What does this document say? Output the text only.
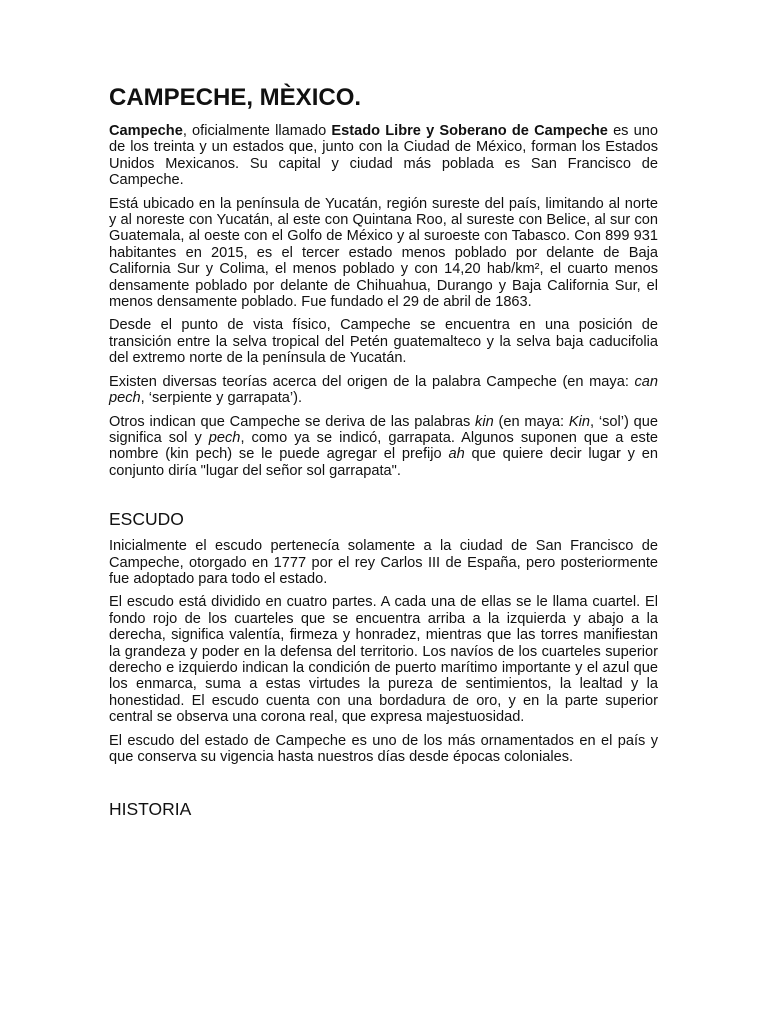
CAMPECHE, MÈXICO.

Campeche, oficialmente llamado Estado Libre y Soberano de Campeche es uno de los treinta y un estados que, junto con la Ciudad de México, forman los Estados Unidos Mexicanos. Su capital y ciudad más poblada es San Francisco de Campeche.

Está ubicado en la península de Yucatán, región sureste del país, limitando al norte y al noreste con Yucatán, al este con Quintana Roo, al sureste con Belice, al sur con Guatemala, al oeste con el Golfo de México y al suroeste con Tabasco. Con 899 931 habitantes en 2015, es el tercer estado menos poblado por delante de Baja California Sur y Colima, el menos poblado y con 14,20 hab/km², el cuarto menos densamente poblado por delante de Chihuahua, Durango y Baja California Sur, el menos densamente poblado. Fue fundado el 29 de abril de 1863.

Desde el punto de vista físico, Campeche se encuentra en una posición de transición entre la selva tropical del Petén guatemalteco y la selva baja caducifolia del extremo norte de la península de Yucatán.

Existen diversas teorías acerca del origen de la palabra Campeche (en maya: can pech, ‘serpiente y garrapata’).

Otros indican que Campeche se deriva de las palabras kin (en maya: Kin, ‘sol’) que significa sol y pech, como ya se indicó, garrapata. Algunos suponen que a este nombre (kin pech) se le puede agregar el prefijo ah que quiere decir lugar y en conjunto diría "lugar del señor sol garrapata".

ESCUDO

Inicialmente el escudo pertenecía solamente a la ciudad de San Francisco de Campeche, otorgado en 1777 por el rey Carlos III de España, pero posteriormente fue adoptado para todo el estado.

El escudo está dividido en cuatro partes. A cada una de ellas se le llama cuartel. El fondo rojo de los cuarteles que se encuentra arriba a la izquierda y abajo a la derecha, significa valentía, firmeza y honradez, mientras que las torres manifiestan la grandeza y poder en la defensa del territorio. Los navíos de los cuarteles superior derecho e izquierdo indican la condición de puerto marítimo importante y el azul que los enmarca, suma a estas virtudes la pureza de sentimientos, la lealtad y la honestidad. El escudo cuenta con una bordadura de oro, y en la parte superior central se observa una corona real, que expresa majestuosidad.

El escudo del estado de Campeche es uno de los más ornamentados en el país y que conserva su vigencia hasta nuestros días desde épocas coloniales.

HISTORIA
